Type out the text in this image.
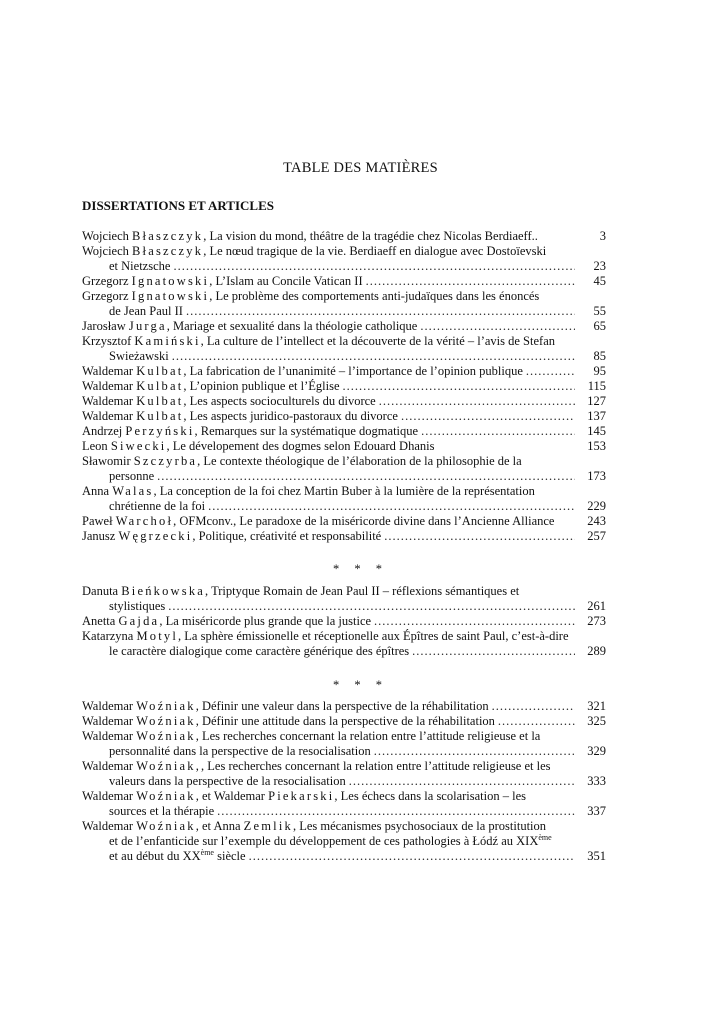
TABLE DES MATIÈRES
DISSERTATIONS ET ARTICLES
Wojciech Błaszczyk, La vision du mond, théâtre de la tragédie chez Nicolas Berdiaeff..	3
Wojciech Błaszczyk, Le nœud tragique de la vie. Berdiaeff en dialogue avec Dostoïevski
et Nietzsche .....	23
Grzegorz Ignatowski, L’Islam au Concile Vatican II .....	45
Grzegorz Ignatowski, Le problème des comportements anti-judaïques dans les énoncés
de Jean Paul II .....	55
Jarosław Jurga, Mariage et sexualité dans la théologie catholique .....	65
Krzysztof Kamiński, La culture de l’intellect et la découverte de la vérité – l’avis de Stefan
Swieżawski .....	85
Waldemar Kulbat, La fabrication de l’unanimité – l’importance de l’opinion publique .....	95
Waldemar Kulbat, L’opinion publique et l’Église .....	115
Waldemar Kulbat, Les aspects socioculturels du divorce .....	127
Waldemar Kulbat, Les aspects juridico-pastoraux du divorce .....	137
Andrzej Perzyński, Remarques sur la systématique dogmatique .....	145
Leon Siwecki, Le dévelopement des dogmes selon Edouard Dhanis	153
Sławomir Szczyrba, Le contexte théologique de l’élaboration de la philosophie de la
personne .....	173
Anna Walas, La conception de la foi chez Martin Buber à la lumière de la représentation
chrétienne de la foi .....	229
Paweł Warchoł, OFMconv., Le paradoxe de la miséricorde divine dans l’Ancienne Alliance	243
Janusz Węgrzecki, Politique, créativité et responsabilité .....	257
* * *
Danuta Bieńkowska, Triptyque Romain de Jean Paul II – réflexions sémantiques et
stylistiques .....	261
Anetta Gajda, La miséricorde plus grande que la justice .....	273
Katarzyna Motyl, La sphère émissionelle et réceptionelle aux Épîtres de saint Paul, c’est-à-dire
le caractère dialogique come caractère générique des épîtres .....	289
* * *
Waldemar Woźniak, Définir une valeur dans la perspective de la réhabilitation .....	321
Waldemar Woźniak, Définir une attitude dans la perspective de la réhabilitation .....	325
Waldemar Woźniak, Les recherches concernant la relation entre l’attitude religieuse et la
personnalité dans la perspective de la resocialisation .....	329
Waldemar Woźniak,, Les recherches concernant la relation entre l’attitude religieuse et les
valeurs dans la perspective de la resocialisation .....	333
Waldemar Woźniak, et Waldemar Piekarski, Les échecs dans la scolarisation – les
sources et la thérapie .....	337
Waldemar Woźniak, et Anna Zemlik, Les mécanismes psychosociaux de la prostitution
et de l’enfanticide sur l’exemple du développement de ces pathologies à Łódź au XIXème
et au début du XXème siècle .....	351
